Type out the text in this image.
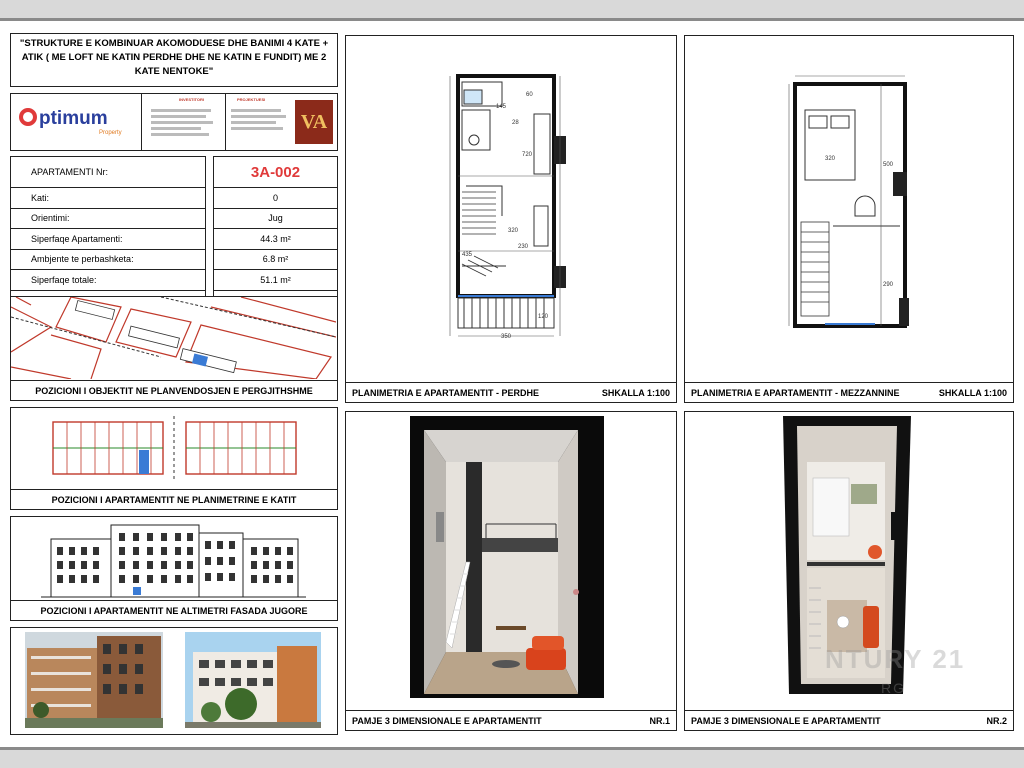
"STRUKTURE E KOMBINUAR AKOMODUESE DHE BANIMI 4 KATE + ATIK ( ME LOFT NE KATIN PERDHE DHE NE KATIN E FUNDIT) ME 2 KATE NENTOKE"
ptimum
Property
INVESTITORI	PROJEKTUESI
VA
APARTAMENTI Nr:	3A-002
Kati:	0
Orientimi:	Jug
Siperfaqe Apartamenti:	44.3 m²
Ambjente te perbashketa:	6.8 m²
Siperfaqe totale:	51.1 m²
POZICIONI I OBJEKTIT NE PLANVENDOSJEN E PERGJITHSHME
POZICIONI I APARTAMENTIT NE PLANIMETRINE E KATIT
POZICIONI I APARTAMENTIT NE ALTIMETRI FASADA JUGORE
60
145
28
720
320
230
435
350
120
PLANIMETRIA E APARTAMENTIT - PERDHE	SHKALLA 1:100
320
500
290
PLANIMETRIA E APARTAMENTIT - MEZZANNINE	SHKALLA 1:100
PAMJE 3 DIMENSIONALE E APARTAMENTIT	NR.1
NTURY 21
RG
PAMJE 3 DIMENSIONALE E APARTAMENTIT	NR.2
